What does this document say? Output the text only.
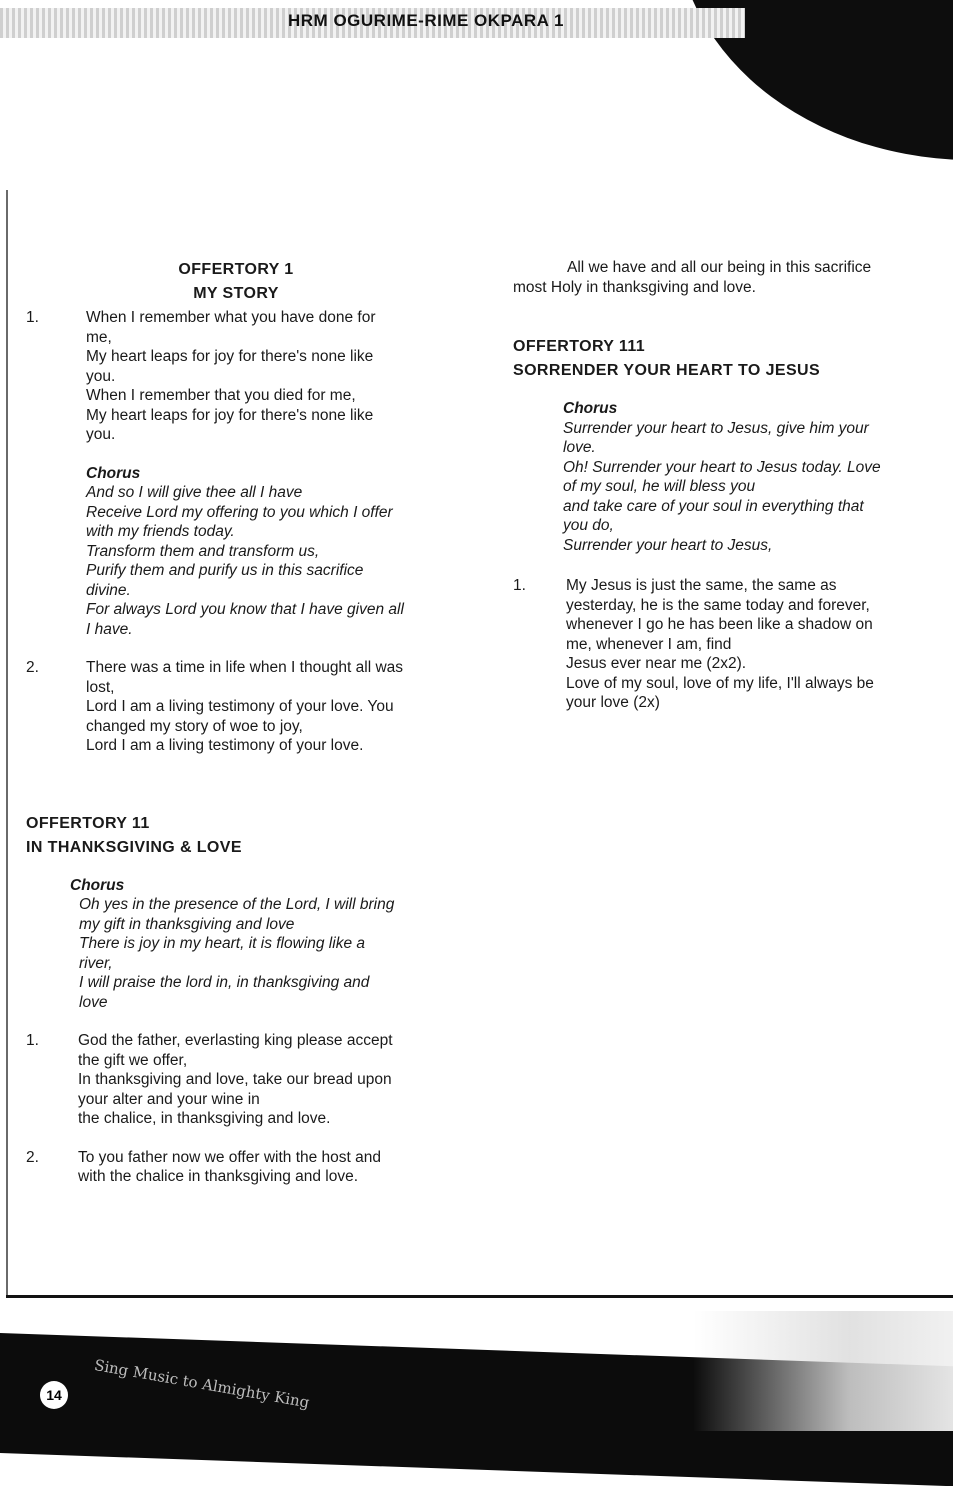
HRM OGURIME-RIME OKPARA 1

OFFERTORY 1

MY STORY

1.	When I remember what you have done for

me,

My heart leaps for joy for there's none like

you.

When I remember that you died for me,

My heart leaps for joy for there's none like

you.

Chorus

And so I will give thee all I have

Receive Lord my offering to you which I offer

with my friends today.

Transform them and transform us,

Purify them and purify us in this sacrifice

divine.

For always Lord you know that I have given all

I have.

2.	There was a time in life when I thought all was

lost,

Lord I am a living testimony of your love. You

changed my story of woe to joy,

Lord I am a living testimony of your love.

OFFERTORY 11

IN THANKSGIVING & LOVE

Chorus

Oh yes in the presence of the Lord, I will bring

my gift in thanksgiving and love

There is joy in my heart, it is flowing like a

river,

I will praise the lord in, in thanksgiving and

love

1.	God the father, everlasting king please accept

the gift we offer,

In thanksgiving and love, take our bread upon

your alter and your wine in

the chalice, in thanksgiving and love.

2.	To you father now we offer with the host and

with the chalice in thanksgiving and love.

All we have and all our being in this sacrifice

most Holy in thanksgiving and love.

OFFERTORY 111

SORRENDER YOUR HEART TO JESUS

Chorus

Surrender your heart to Jesus, give him your

love.

Oh! Surrender your heart to Jesus today. Love

of my soul, he will bless you

and take care of your soul in everything that

you do,

Surrender your heart to Jesus,

1.	My Jesus is just the same, the same as

yesterday, he is the same today and forever,

whenever I go he has been like a shadow on

me, whenever I am, find

Jesus ever near me (2x2).

Love of my soul, love of my life, I'll always be

your love (2x)

Sing Music to Almighty King
14
